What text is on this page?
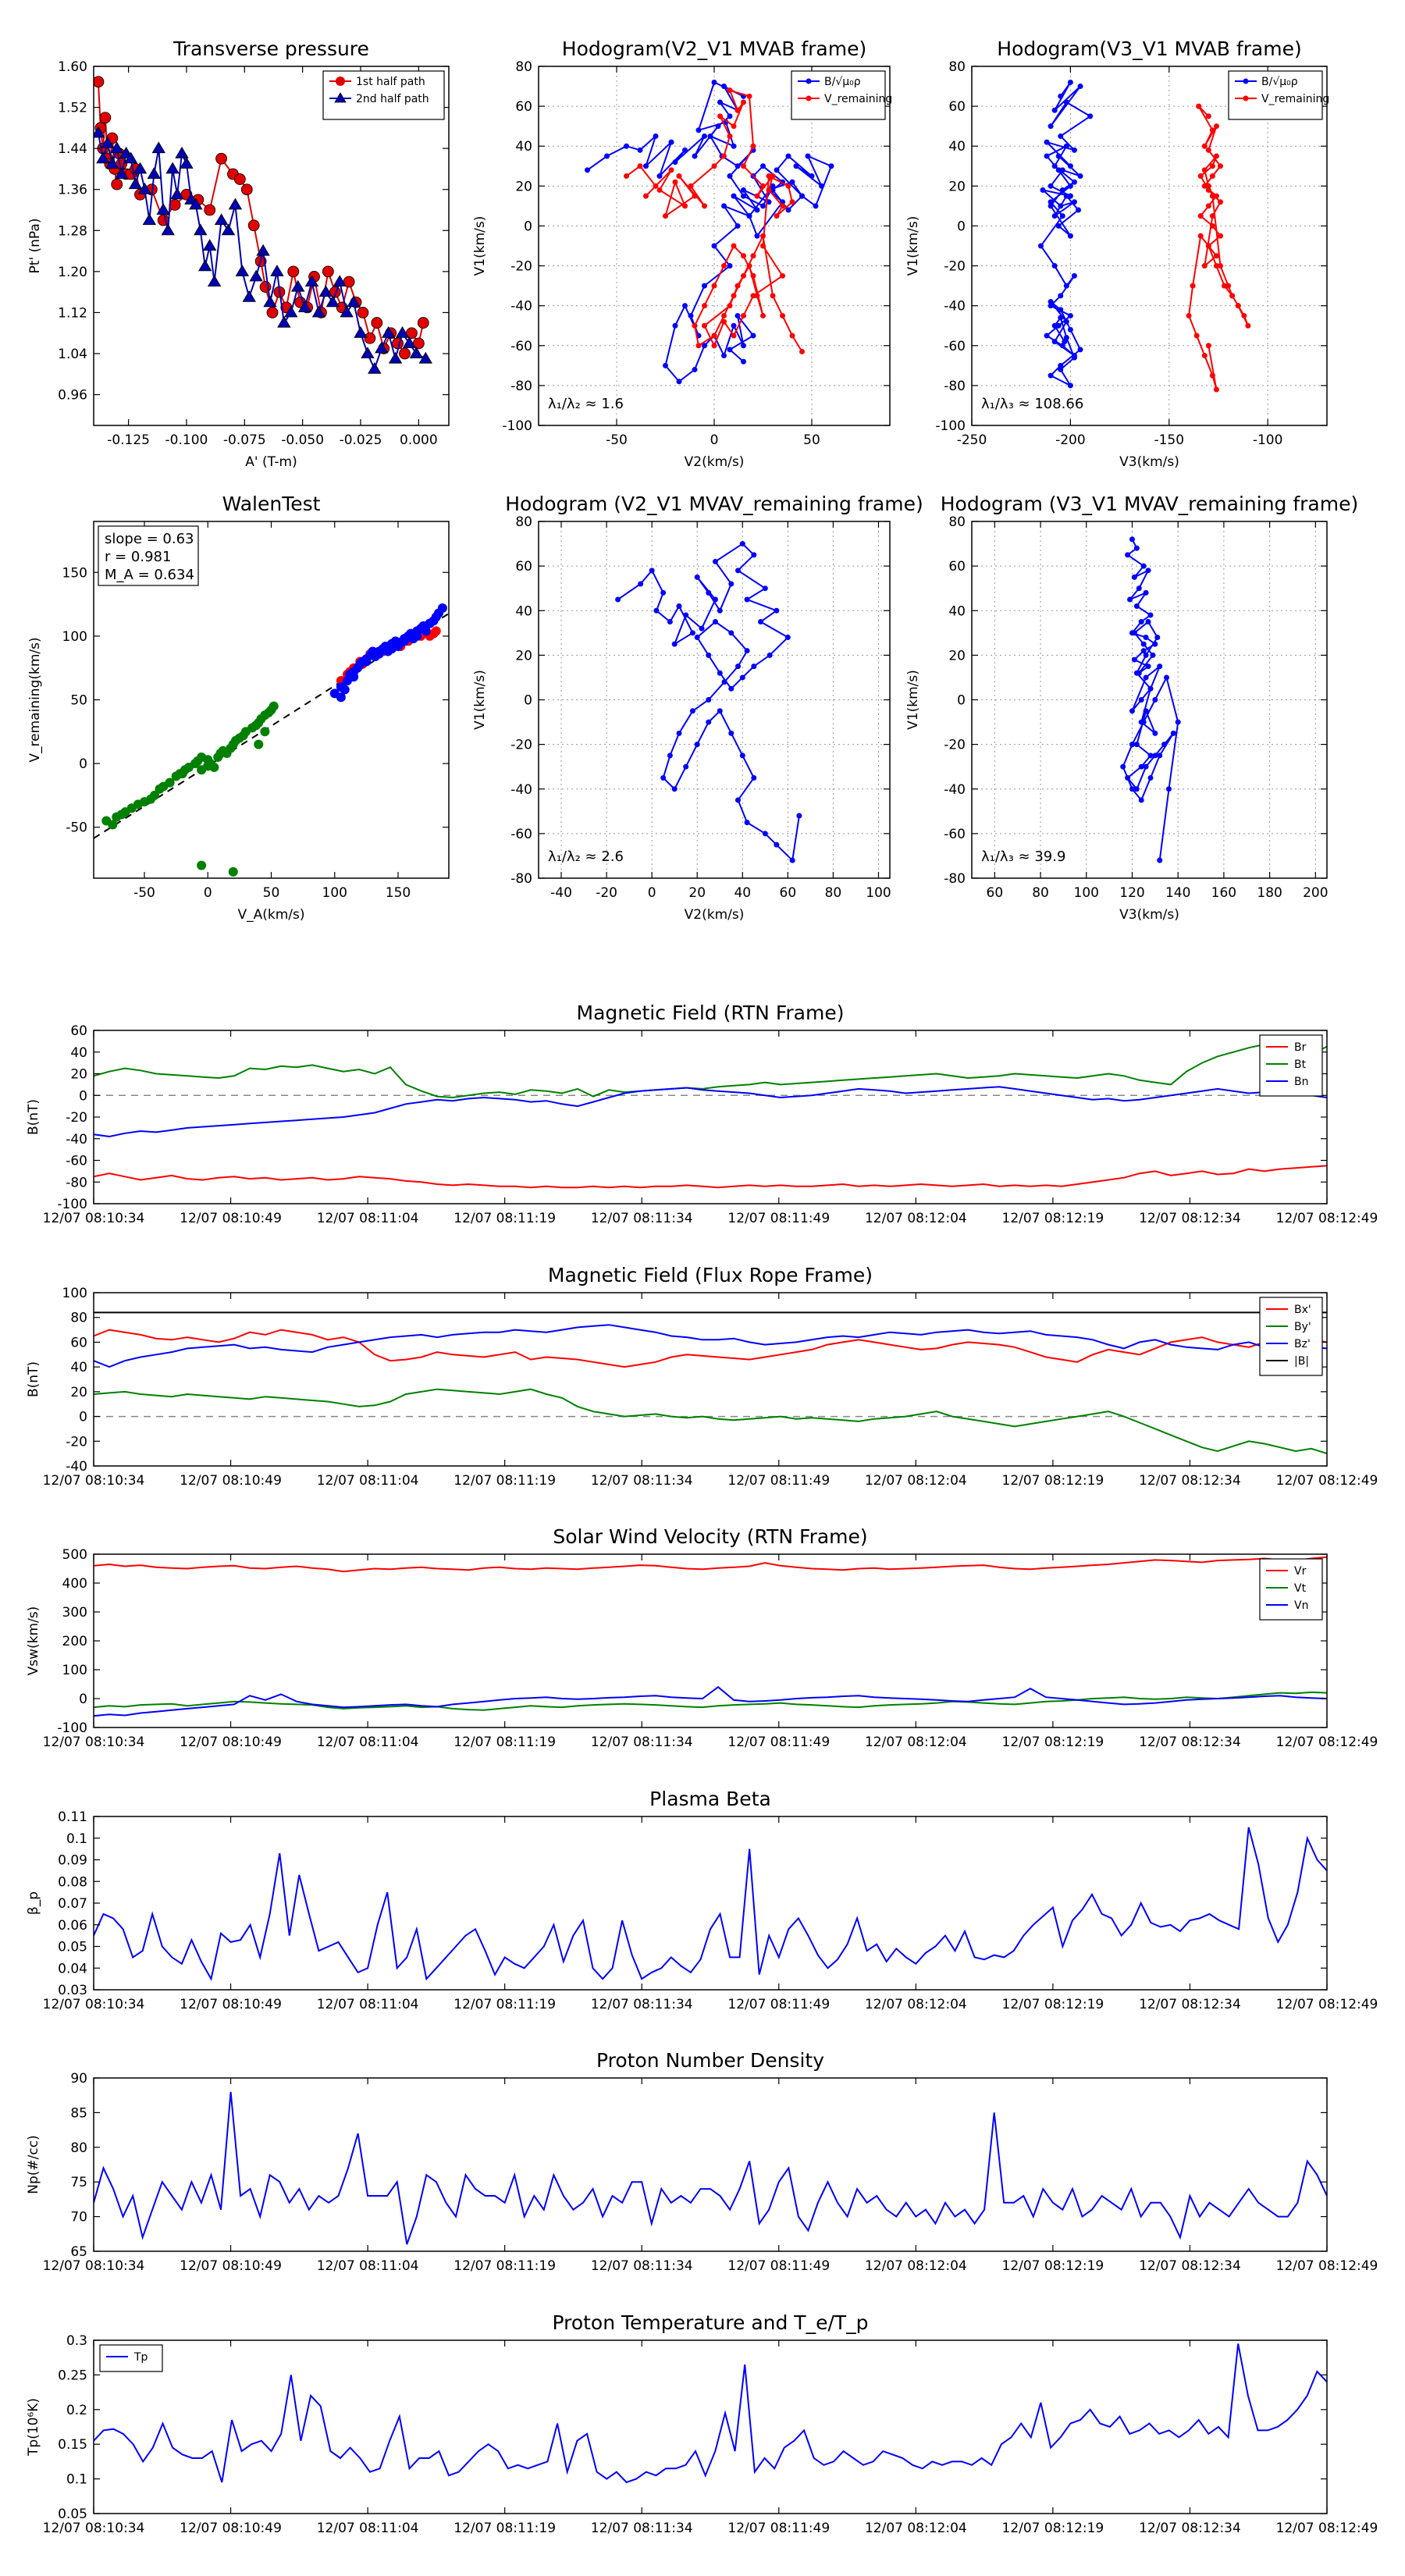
-0.125 -0.100 -0.075 -0.050 -0.025 0.000
0.96
1.04
1.12
1.20
1.28
1.36
1.44
1.52
1.60
Transverse pressure
A' (T-m)
Pt' (nPa)
1st half path
2nd half path
-50	0	50
-100
-80
-60
-40
-20
0
20
40
60
80
Hodogram(V2_V1 MVAB frame)
V2(km/s)
V1(km/s)
λ₁/λ₂ ≈ 1.6
B/√μ₀ρ
V_remaining
-250	-200	-150	-100
-100
-80
-60
-40
-20
0
20
40
60
80
Hodogram(V3_V1 MVAB frame)
V3(km/s)
V1(km/s)
λ₁/λ₃ ≈ 108.66
B/√μ₀ρ
V_remaining
-50	0	50	100	150
-50
0
50
100
150
WalenTest
V_A(km/s)
V_remaining(km/s)
slope = 0.63
r = 0.981
M_A = 0.634
-40 -20 0 20 40 60 80 100
-80
-60
-40
-20
0
20
40
60
80
Hodogram (V2_V1 MVAV_remaining frame)
V2(km/s)
V1(km/s)
λ₁/λ₂ ≈ 2.6
60 80 100 120 140 160 180 200
-80
-60
-40
-20
0
20
40
60
80
Hodogram (V3_V1 MVAV_remaining frame)
V3(km/s)
V1(km/s)
λ₁/λ₃ ≈ 39.9
12/07 08:10:34	12/07 08:10:49	12/07 08:11:04	12/07 08:11:19	12/07 08:11:34	12/07 08:11:49	12/07 08:12:04	12/07 08:12:19	12/07 08:12:34	12/07 08:12:49
-100
-80
-60
-40
-20
0
20
40
60
Magnetic Field (RTN Frame)
B(nT)
Br
Bt
Bn
12/07 08:10:34	12/07 08:10:49	12/07 08:11:04	12/07 08:11:19	12/07 08:11:34	12/07 08:11:49	12/07 08:12:04	12/07 08:12:19	12/07 08:12:34	12/07 08:12:49
-40
-20
0
20
40
60
80
100
Magnetic Field (Flux Rope Frame)
B(nT)
Bx'
By'
Bz'
|B|
12/07 08:10:34	12/07 08:10:49	12/07 08:11:04	12/07 08:11:19	12/07 08:11:34	12/07 08:11:49	12/07 08:12:04	12/07 08:12:19	12/07 08:12:34	12/07 08:12:49
-100
0
100
200
300
400
500
Solar Wind Velocity (RTN Frame)
Vsw(km/s)
Vr
Vt
Vn
12/07 08:10:34	12/07 08:10:49	12/07 08:11:04	12/07 08:11:19	12/07 08:11:34	12/07 08:11:49	12/07 08:12:04	12/07 08:12:19	12/07 08:12:34	12/07 08:12:49
0.03
0.04
0.05
0.06
0.07
0.08
0.09
0.1
0.11
Plasma Beta
β_p
12/07 08:10:34	12/07 08:10:49	12/07 08:11:04	12/07 08:11:19	12/07 08:11:34	12/07 08:11:49	12/07 08:12:04	12/07 08:12:19	12/07 08:12:34	12/07 08:12:49
65
70
75
80
85
90
Proton Number Density
Np(#/cc)
12/07 08:10:34	12/07 08:10:49	12/07 08:11:04	12/07 08:11:19	12/07 08:11:34	12/07 08:11:49	12/07 08:12:04	12/07 08:12:19	12/07 08:12:34	12/07 08:12:49
0.05
0.1
0.15
0.2
0.25
0.3
Proton Temperature and T_e/T_p
Tp(10⁶K)
Tp
